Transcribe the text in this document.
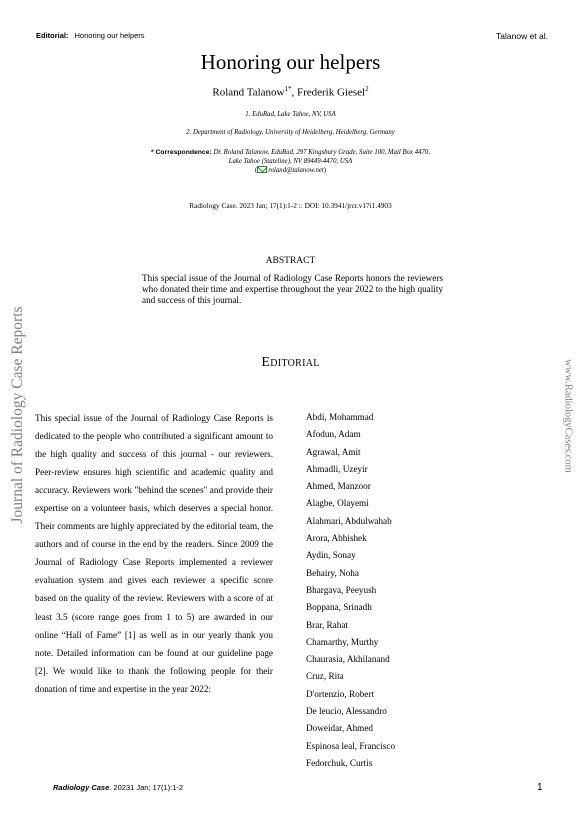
Editorial: Honoring our helpers	Talanow et al.
Honoring our helpers
Roland Talanow$^{1*}$, Frederik Giesel$^2$
1. EduRad, Lake Tahoe, NV, USA
2. Department of Radiology, University of Heidelberg, Heidelberg, Germany
* Correspondence: Dr. Roland Talanow, EduRad, 297 Kingsbury Grade, Suite 100, Mail Box 4470,
Lake Tahoe (Stateline), NV 89449-4470, USA
( roland@talanow.net)
Radiology Case. 2023 Jan; 17(1):1-2 :: DOI: 10.3941/jrcr.v17i1.4903
ABSTRACT
This special issue of the Journal of Radiology Case Reports honors the reviewers who donated their time and expertise throughout the year 2022 to the high quality and success of this journal.
Editorial
This special issue of the Journal of Radiology Case Reports is dedicated to the people who contributed a significant amount to the high quality and success of this journal - our reviewers. Peer-review ensures high scientific and academic quality and accuracy. Reviewers work "behind the scenes" and provide their expertise on a volunteer basis, which deserves a special honor. Their comments are highly appreciated by the editorial team, the authors and of course in the end by the readers. Since 2009 the Journal of Radiology Case Reports implemented a reviewer evaluation system and gives each reviewer a specific score based on the quality of the review. Reviewers with a score of at least 3.5 (score range goes from 1 to 5) are awarded in our online “Hall of Fame” [1] as well as in our yearly thank you note. Detailed information can be found at our guideline page [2]. We would like to thank the following people for their donation of time and expertise in the year 2022:
Abdi, Mohammad
Afodun, Adam
Agrawal, Amit
Ahmadli, Uzeyir
Ahmed, Manzoor
Alagbe, Olayemi
Alahmari, Abdulwahab
Arora, Abhishek
Aydin, Sonay
Behairy, Noha
Bhargava, Peeyush
Boppana, Srinadh
Brar, Rahat
Chamarthy, Murthy
Chaurasia, Akhilanand
Cruz, Rita
D'ortenzio, Robert
De leucio, Alessandro
Doweidar, Ahmed
Espinosa leal, Francisco
Fedorchuk, Curtis
Journal of Radiology Case Reports	www.RadiologyCases.com
Radiology Case. 20231 Jan; 17(1):1-2	1
